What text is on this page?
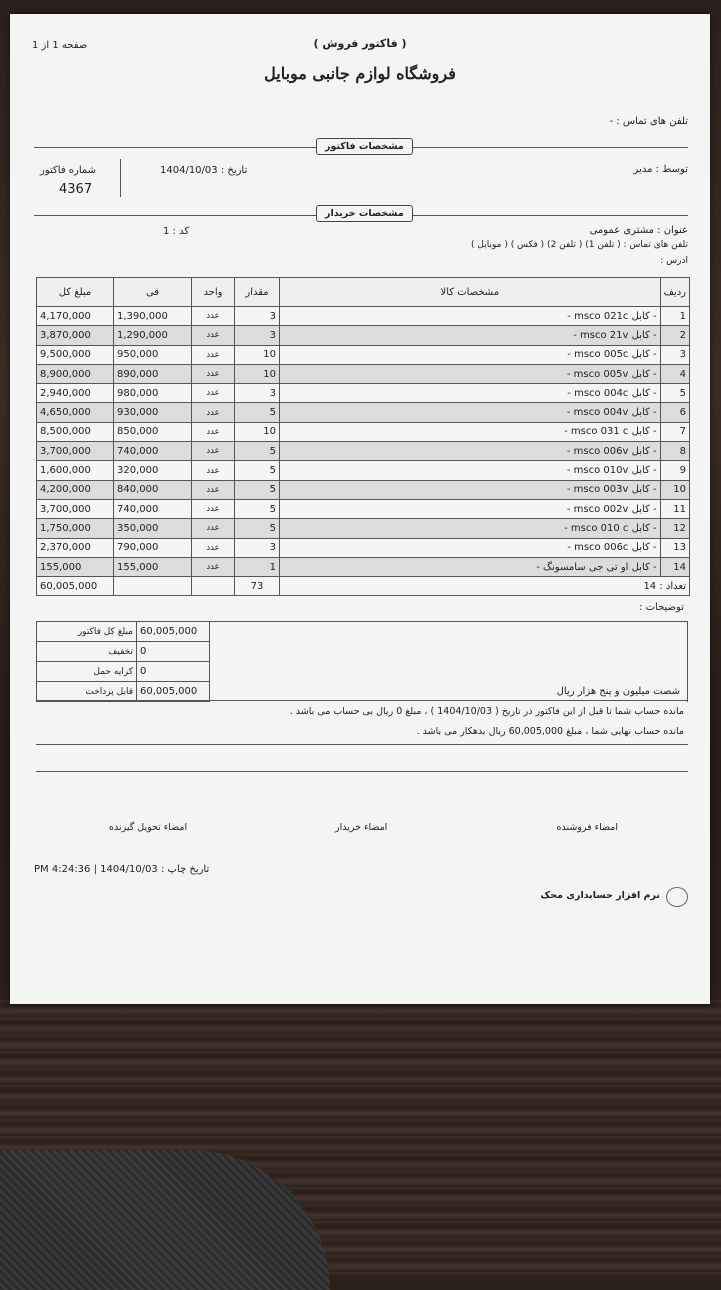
صفحه 1 از 1	( فاکتور فروش )
فروشگاه لوازم جانبی موبایل
تلفن های تماس : -
مشخصات فاکتور
توسط : مدیر
تاریخ : 1404/10/03
شماره فاکتور
4367
مشخصات خریدار
عنوان : مشتری عمومی
کد : 1
تلفن های تماس : ( تلفن 1) ( تلفن 2) ( فکس ) ( موبایل )
ادرس :
ردیف	مشخصات کالا	مقدار	واحد	فی	مبلغ کل
1	- کابل msco 021c -	3	عدد	1,390,000	4,170,000
2	- کابل msco 21v -	3	عدد	1,290,000	3,870,000
3	- کابل msco 005c -	10	عدد	950,000	9,500,000
4	- کابل msco 005v -	10	عدد	890,000	8,900,000
5	- کابل msco 004c -	3	عدد	980,000	2,940,000
6	- کابل msco 004v -	5	عدد	930,000	4,650,000
7	- کابل msco 031 c -	10	عدد	850,000	8,500,000
8	- کابل msco 006v -	5	عدد	740,000	3,700,000
9	- کابل msco 010v -	5	عدد	320,000	1,600,000
10	- کابل msco 003v -	5	عدد	840,000	4,200,000
11	- کابل msco 002v -	5	عدد	740,000	3,700,000
12	- کابل msco 010 c -	5	عدد	350,000	1,750,000
13	- کابل msco 006c -	3	عدد	790,000	2,370,000
14	- کابل او تی جی سامسونگ -	1	عدد	155,000	155,000
تعداد : 14		73			60,005,000
توضیحات :
60,005,000	مبلغ کل فاکتور
0	تخفیف
0	کرایه حمل
60,005,000	قابل پرداخت	شصت میلیون و پنج هزار ریال
مانده حساب شما تا قبل از این فاکتور در تاریخ ( 1404/10/03 ) ، مبلغ 0 ریال بی حساب می باشد .
مانده حساب نهایی شما ، مبلغ 60,005,000 ریال بدهکار می باشد .
امضاء فروشنده
امضاء خریدار
امضاء تحویل گیرنده
تاریخ چاپ : 1404/10/03 | 4:24:36 PM
نرم افزار حسابداری محک
